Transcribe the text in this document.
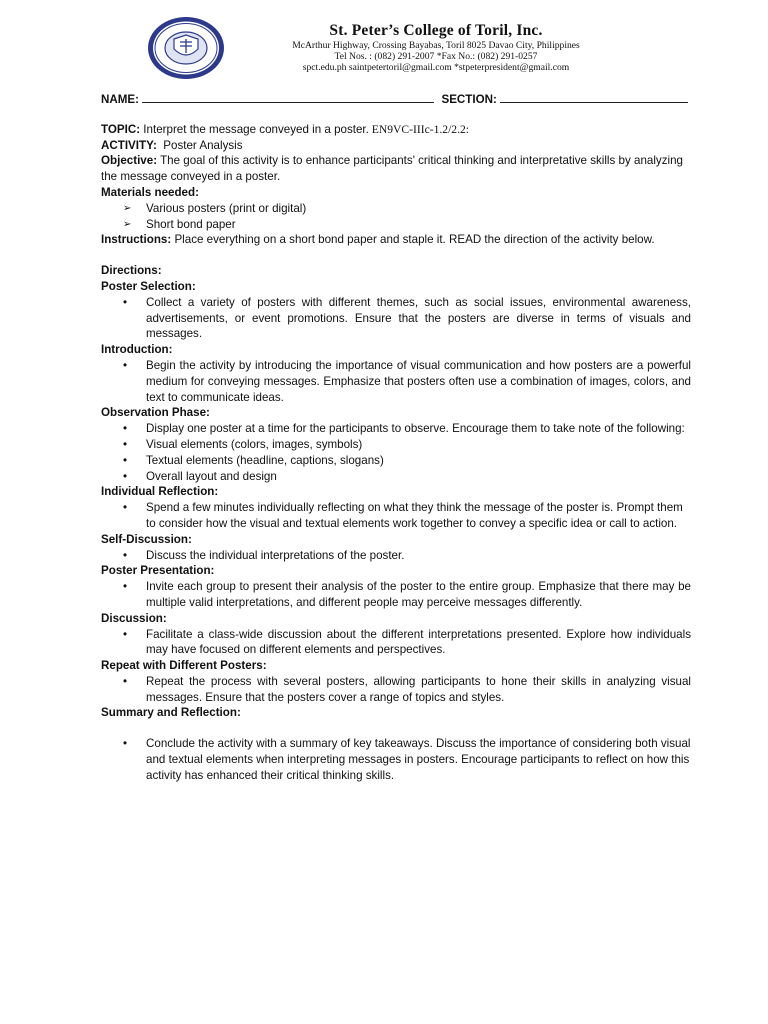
St. Peter’s College of Toril, Inc.
McArthur Highway, Crossing Bayabas, Toril 8025 Davao City, Philippines
Tel Nos. : (082) 291-2007 *Fax No.: (082) 291-0257
spct.edu.ph saintpetertoril@gmail.com *stpeterpresident@gmail.com
NAME:	SECTION:

TOPIC: Interpret the message conveyed in a poster. EN9VC-IIIc-1.2/2.2:

ACTIVITY:  Poster Analysis

Objective: The goal of this activity is to enhance participants' critical thinking and interpretative skills by analyzing the message conveyed in a poster.

Materials needed:

➢ Various posters (print or digital)
➢ Short bond paper

Instructions: Place everything on a short bond paper and staple it. READ the direction of the activity below.

Directions:

Poster Selection:

• Collect a variety of posters with different themes, such as social issues, environmental awareness, advertisements, or event promotions. Ensure that the posters are diverse in terms of visuals and messages.

Introduction:

• Begin the activity by introducing the importance of visual communication and how posters are a powerful medium for conveying messages. Emphasize that posters often use a combination of images, colors, and text to communicate ideas.

Observation Phase:

• Display one poster at a time for the participants to observe. Encourage them to take note of the following:
• Visual elements (colors, images, symbols)
• Textual elements (headline, captions, slogans)
• Overall layout and design

Individual Reflection:

• Spend a few minutes individually reflecting on what they think the message of the poster is. Prompt them to consider how the visual and textual elements work together to convey a specific idea or call to action.

Self-Discussion:

• Discuss the individual interpretations of the poster.

Poster Presentation:

• Invite each group to present their analysis of the poster to the entire group. Emphasize that there may be multiple valid interpretations, and different people may perceive messages differently.

Discussion:

• Facilitate a class-wide discussion about the different interpretations presented. Explore how individuals may have focused on different elements and perspectives.

Repeat with Different Posters:

• Repeat the process with several posters, allowing participants to hone their skills in analyzing visual messages. Ensure that the posters cover a range of topics and styles.

Summary and Reflection:

• Conclude the activity with a summary of key takeaways. Discuss the importance of considering both visual and textual elements when interpreting messages in posters. Encourage participants to reflect on how this activity has enhanced their critical thinking skills.
